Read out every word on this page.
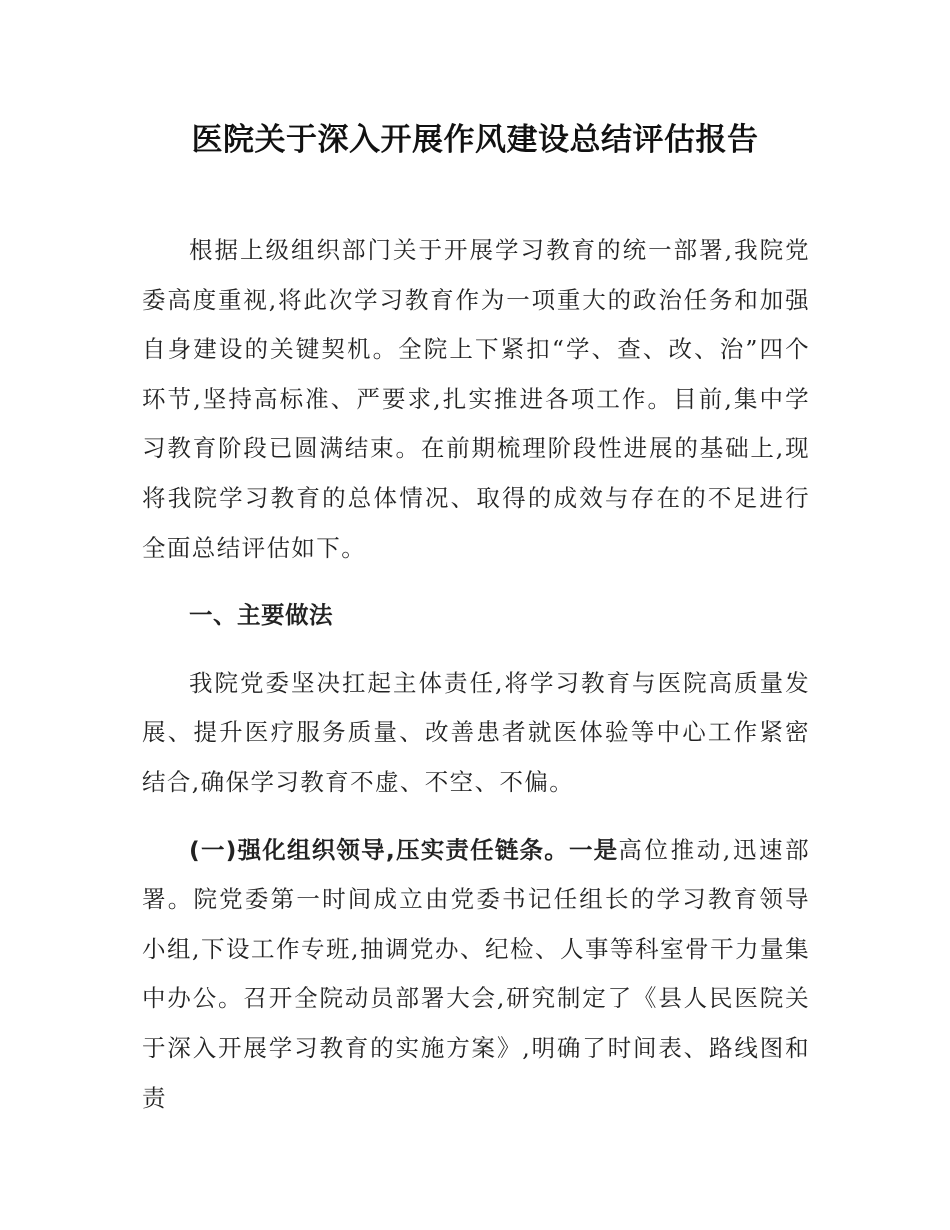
医院关于深入开展作风建设总结评估报告

根据上级组织部门关于开展学习教育的统一部署,我院党委高度重视,将此次学习教育作为一项重大的政治任务和加强自身建设的关键契机。全院上下紧扣“学、查、改、治”四个环节,坚持高标准、严要求,扎实推进各项工作。目前,集中学习教育阶段已圆满结束。在前期梳理阶段性进展的基础上,现将我院学习教育的总体情况、取得的成效与存在的不足进行全面总结评估如下。

一、主要做法

我院党委坚决扛起主体责任,将学习教育与医院高质量发展、提升医疗服务质量、改善患者就医体验等中心工作紧密结合,确保学习教育不虚、不空、不偏。

(一)强化组织领导,压实责任链条。一是高位推动,迅速部署。院党委第一时间成立由党委书记任组长的学习教育领导小组,下设工作专班,抽调党办、纪检、人事等科室骨干力量集中办公。召开全院动员部署大会,研究制定了《县人民医院关于深入开展学习教育的实施方案》,明确了时间表、路线图和责
